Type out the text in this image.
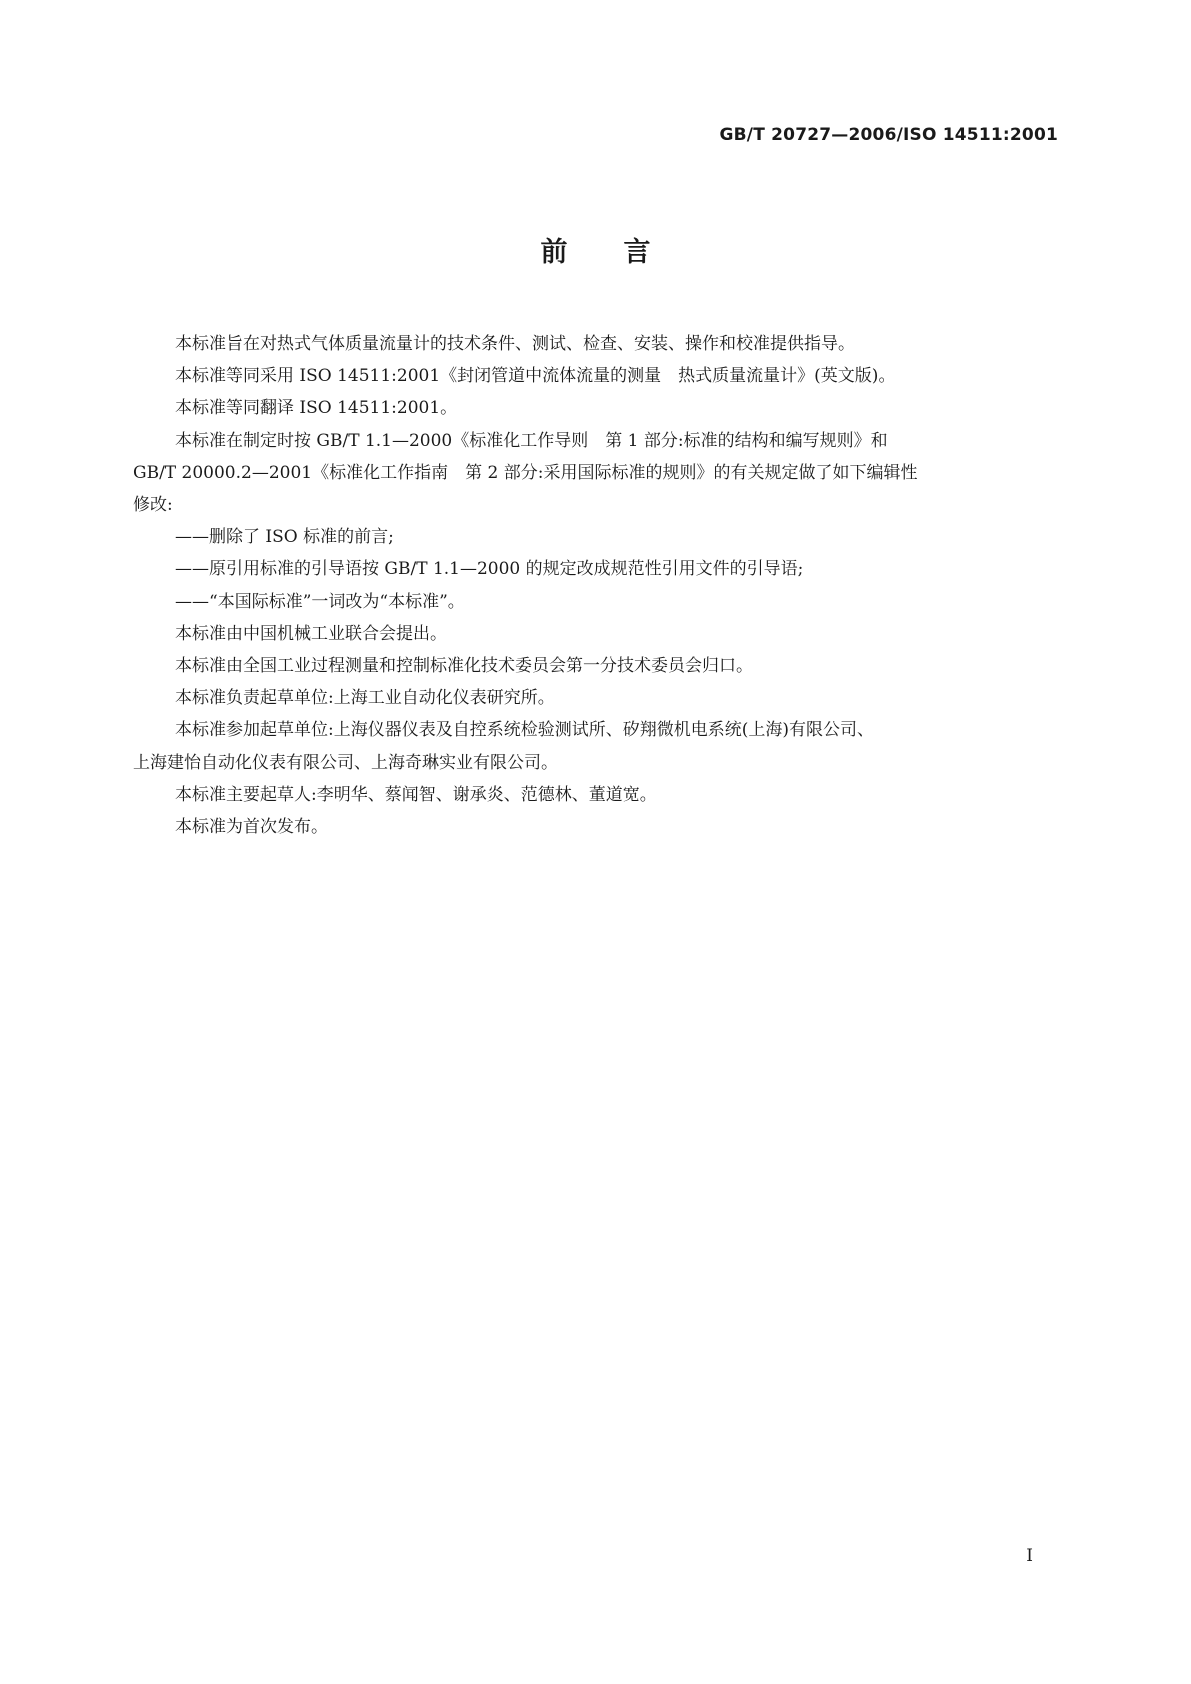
GB/T 20727—2006/ISO 14511:2001
前言

本标准旨在对热式气体质量流量计的技术条件、测试、检查、安装、操作和校准提供指导。

本标准等同采用 ISO 14511:2001《封闭管道中流体流量的测量　热式质量流量计》(英文版)。

本标准等同翻译 ISO 14511:2001。

本标准在制定时按 GB/T 1.1—2000《标准化工作导则　第 1 部分:标准的结构和编写规则》和

GB/T 20000.2—2001《标准化工作指南　第 2 部分:采用国际标准的规则》的有关规定做了如下编辑性

修改:

——删除了 ISO 标准的前言;

——原引用标准的引导语按 GB/T 1.1—2000 的规定改成规范性引用文件的引导语;

——“本国际标准”一词改为“本标准”。

本标准由中国机械工业联合会提出。

本标准由全国工业过程测量和控制标准化技术委员会第一分技术委员会归口。

本标准负责起草单位:上海工业自动化仪表研究所。

本标准参加起草单位:上海仪器仪表及自控系统检验测试所、矽翔微机电系统(上海)有限公司、

上海建怡自动化仪表有限公司、上海奇琳实业有限公司。

本标准主要起草人:李明华、蔡闻智、谢承炎、范德林、董道宽。

本标准为首次发布。

I
